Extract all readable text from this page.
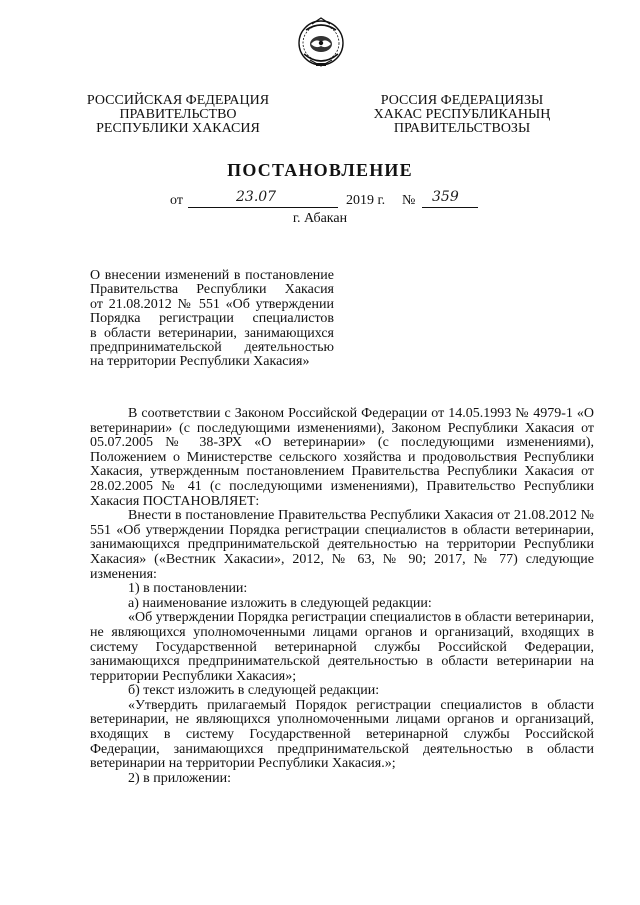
РОССИЙСКАЯ ФЕДЕРАЦИЯ
ПРАВИТЕЛЬСТВО
РЕСПУБЛИКИ ХАКАСИЯ
РОССИЯ ФЕДЕРАЦИЯЗЫ
ХАКАС РЕСПУБЛИКАНЫҢ
ПРАВИТЕЛЬСТВОЗЫ
ПОСТАНОВЛЕНИЕ
от	23.07	2019 г. № 359
г. Абакан
О внесении изменений в постановление
Правительства Республики Хакасия
от 21.08.2012 № 551 «Об утверждении
Порядка регистрации специалистов
в области ветеринарии, занимающихся
предпринимательской деятельностью
на территории Республики Хакасия»

В соответствии с Законом Российской Федерации от 14.05.1993 № 4979-1 «О ветеринарии» (с последующими изменениями), Законом Республики Хакасия от 05.07.2005 № 38-ЗРХ «О ветеринарии» (с последующими изменениями), Положением о Министерстве сельского хозяйства и продовольствия Республики Хакасия, утвержденным постановлением Правительства Республики Хакасия от 28.02.2005 № 41 (с последующими изменениями), Правительство Республики Хакасия ПОСТАНОВЛЯЕТ:

Внести в постановление Правительства Республики Хакасия от 21.08.2012 № 551 «Об утверждении Порядка регистрации специалистов в области ветеринарии, занимающихся предпринимательской деятельностью на территории Республики Хакасия» («Вестник Хакасии», 2012, № 63, № 90; 2017, № 77) следующие изменения:

1) в постановлении:

а) наименование изложить в следующей редакции:

«Об утверждении Порядка регистрации специалистов в области ветеринарии, не являющихся уполномоченными лицами органов и организаций, входящих в систему Государственной ветеринарной службы Российской Федерации, занимающихся предпринимательской деятельностью в области ветеринарии на территории Республики Хакасия»;

б) текст изложить в следующей редакции:

«Утвердить прилагаемый Порядок регистрации специалистов в области ветеринарии, не являющихся уполномоченными лицами органов и организаций, входящих в систему Государственной ветеринарной службы Российской Федерации, занимающихся предпринимательской деятельностью в области ветеринарии на территории Республики Хакасия.»;

2) в приложении:
